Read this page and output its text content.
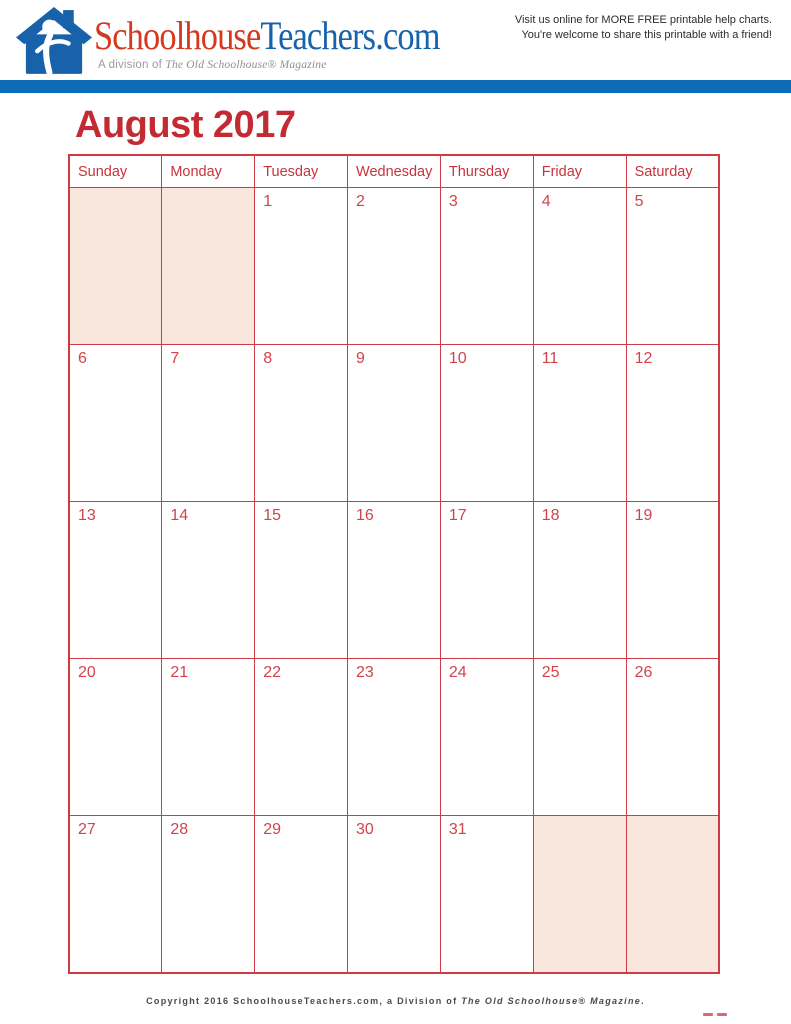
SchoolhouseTeachers.com
A division of The Old Schoolhouse® Magazine
Visit us online for MORE FREE printable help charts.
You're welcome to share this printable with a friend!
August 2017
Sunday	Monday	Tuesday	Wednesday	Thursday	Friday	Saturday

		1	2	3	4	5

6	7	8	9	10	11	12

13	14	15	16	17	18	19

20	21	22	23	24	25	26

27	28	29	30	31		

Copyright 2016 SchoolhouseTeachers.com, a Division of The Old Schoolhouse® Magazine.
